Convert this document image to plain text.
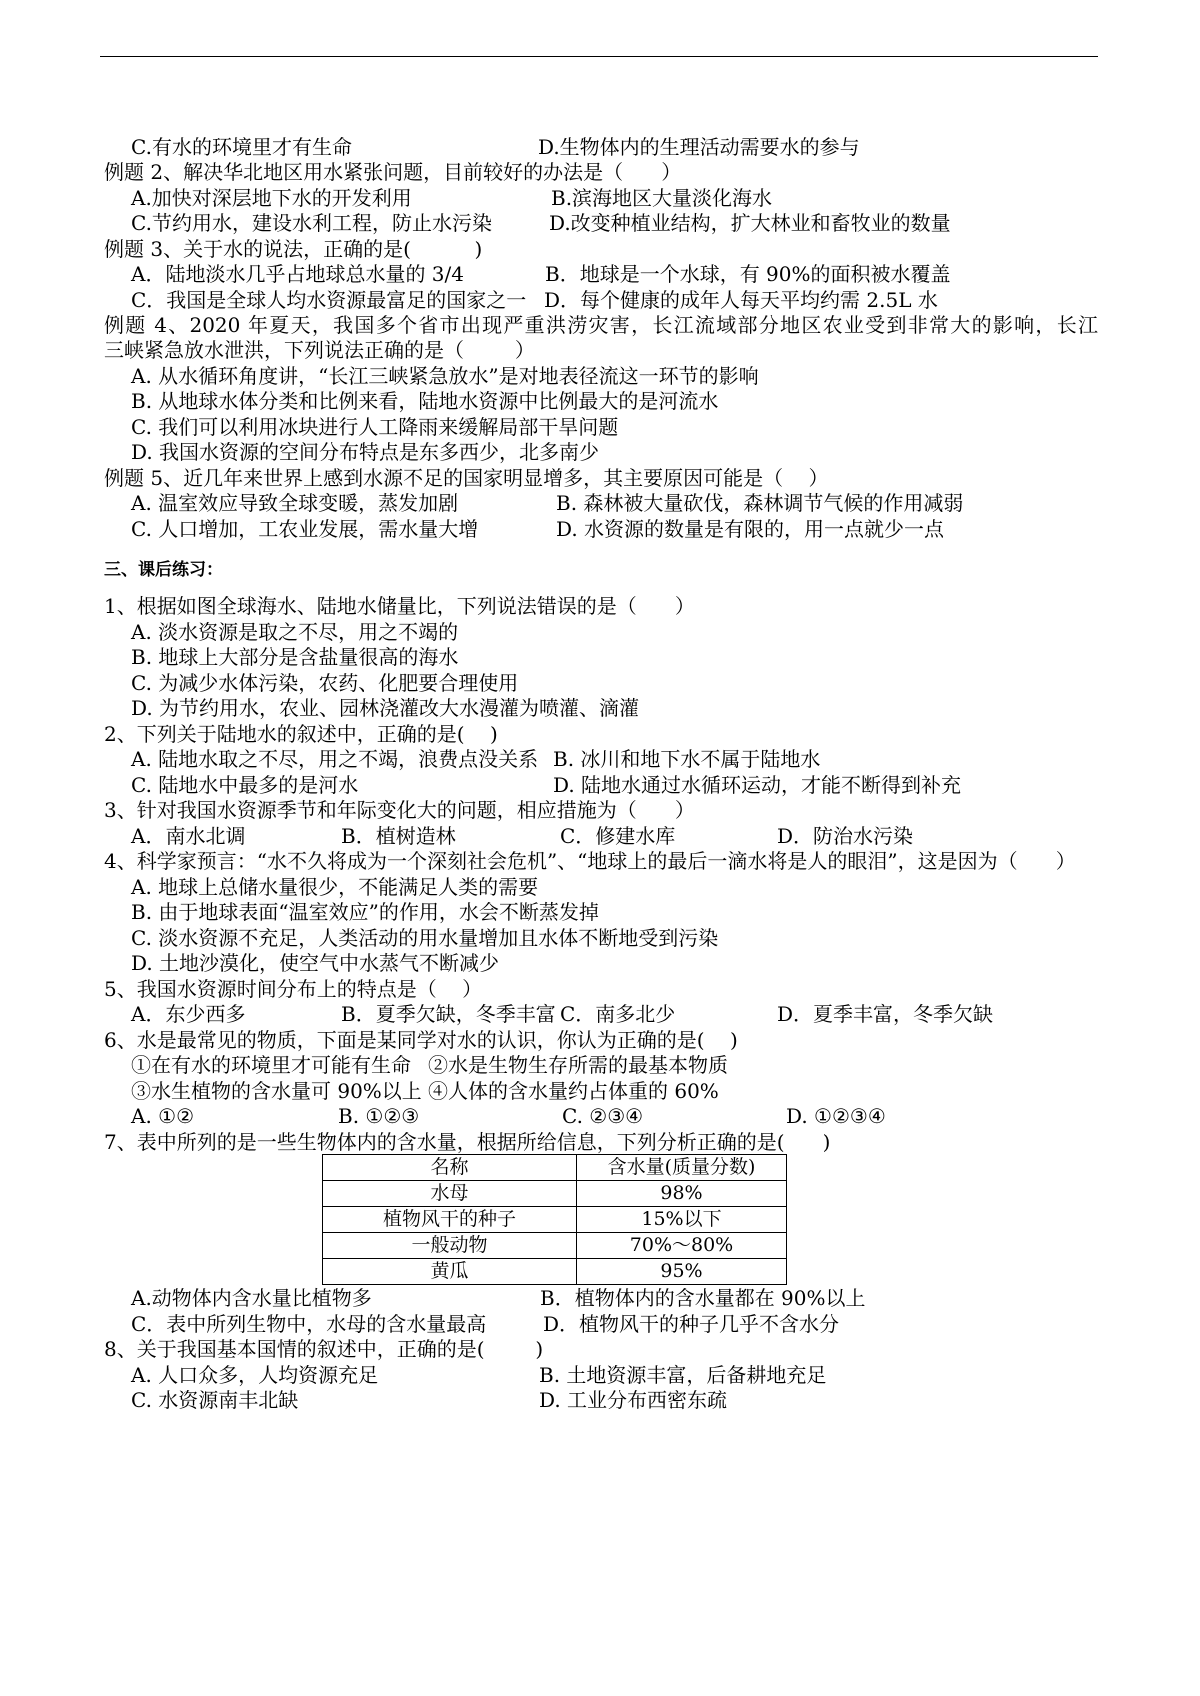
C.有水的环境里才有生命	D.生物体内的生理活动需要水的参与
例题 2、解决华北地区用水紧张问题，目前较好的办法是（      ）
A.加快对深层地下水的开发利用	B.滨海地区大量淡化海水
C.节约用水，建设水利工程，防止水污染	D.改变种植业结构，扩大林业和畜牧业的数量
例题 3、关于水的说法，正确的是(          )
A．陆地淡水几乎占地球总水量的 3/4	B．地球是一个水球，有 90%的面积被水覆盖
C．我国是全球人均水资源最富足的国家之一 D．每个健康的成年人每天平均约需 2.5L 水
例题 4、2020 年夏天，我国多个省市出现严重洪涝灾害，长江流域部分地区农业受到非常大的影响，长江
三峡紧急放水泄洪，下列说法正确的是（        ）
A. 从水循环角度讲，“长江三峡紧急放水”是对地表径流这一环节的影响
B. 从地球水体分类和比例来看，陆地水资源中比例最大的是河流水
C. 我们可以利用冰块进行人工降雨来缓解局部干旱问题
D. 我国水资源的空间分布特点是东多西少，北多南少
例题 5、近几年来世界上感到水源不足的国家明显增多，其主要原因可能是（    ）
A. 温室效应导致全球变暖，蒸发加剧	B. 森林被大量砍伐，森林调节气候的作用减弱
C. 人口增加，工农业发展，需水量大增	D. 水资源的数量是有限的，用一点就少一点
三、课后练习：
1、根据如图全球海水、陆地水储量比，下列说法错误的是（      ）
A. 淡水资源是取之不尽，用之不竭的
B. 地球上大部分是含盐量很高的海水
C. 为减少水体污染，农药、化肥要合理使用
D. 为节约用水，农业、园林浇灌改大水漫灌为喷灌、滴灌
2、下列关于陆地水的叙述中，正确的是(    )
A. 陆地水取之不尽，用之不竭，浪费点没关系 B. 冰川和地下水不属于陆地水
C. 陆地水中最多的是河水	D. 陆地水通过水循环运动，才能不断得到补充
3、针对我国水资源季节和年际变化大的问题，相应措施为（      ）
A．南水北调	B．植树造林	C．修建水库	D．防治水污染
4、科学家预言：“水不久将成为一个深刻社会危机”、“地球上的最后一滴水将是人的眼泪”，这是因为（      ）
A. 地球上总储水量很少，不能满足人类的需要
B. 由于地球表面“温室效应”的作用，水会不断蒸发掉
C. 淡水资源不充足，人类活动的用水量增加且水体不断地受到污染
D. 土地沙漠化，使空气中水蒸气不断减少
5、我国水资源时间分布上的特点是（    ）
A．东少西多	B．夏季欠缺，冬季丰富 C．南多北少	D．夏季丰富，冬季欠缺
6、水是最常见的物质，下面是某同学对水的认识，你认为正确的是(    )
①在有水的环境里才可能有生命 ②水是生物生存所需的最基本物质
③水生植物的含水量可 90%以上 ④人体的含水量约占体重的 60%
A. ①②	B. ①②③	C. ②③④	D. ①②③④
7、表中所列的是一些生物体内的含水量，根据所给信息，下列分析正确的是(      )
名称	含水量(质量分数)
水母	98%
植物风干的种子	15%以下
一般动物	70%～80%
黄瓜	95%
A.动物体内含水量比植物多	B．植物体内的含水量都在 90%以上
C．表中所列生物中，水母的含水量最高	D．植物风干的种子几乎不含水分
8、关于我国基本国情的叙述中，正确的是(        )
A. 人口众多，人均资源充足	B. 土地资源丰富，后备耕地充足
C. 水资源南丰北缺	D. 工业分布西密东疏
